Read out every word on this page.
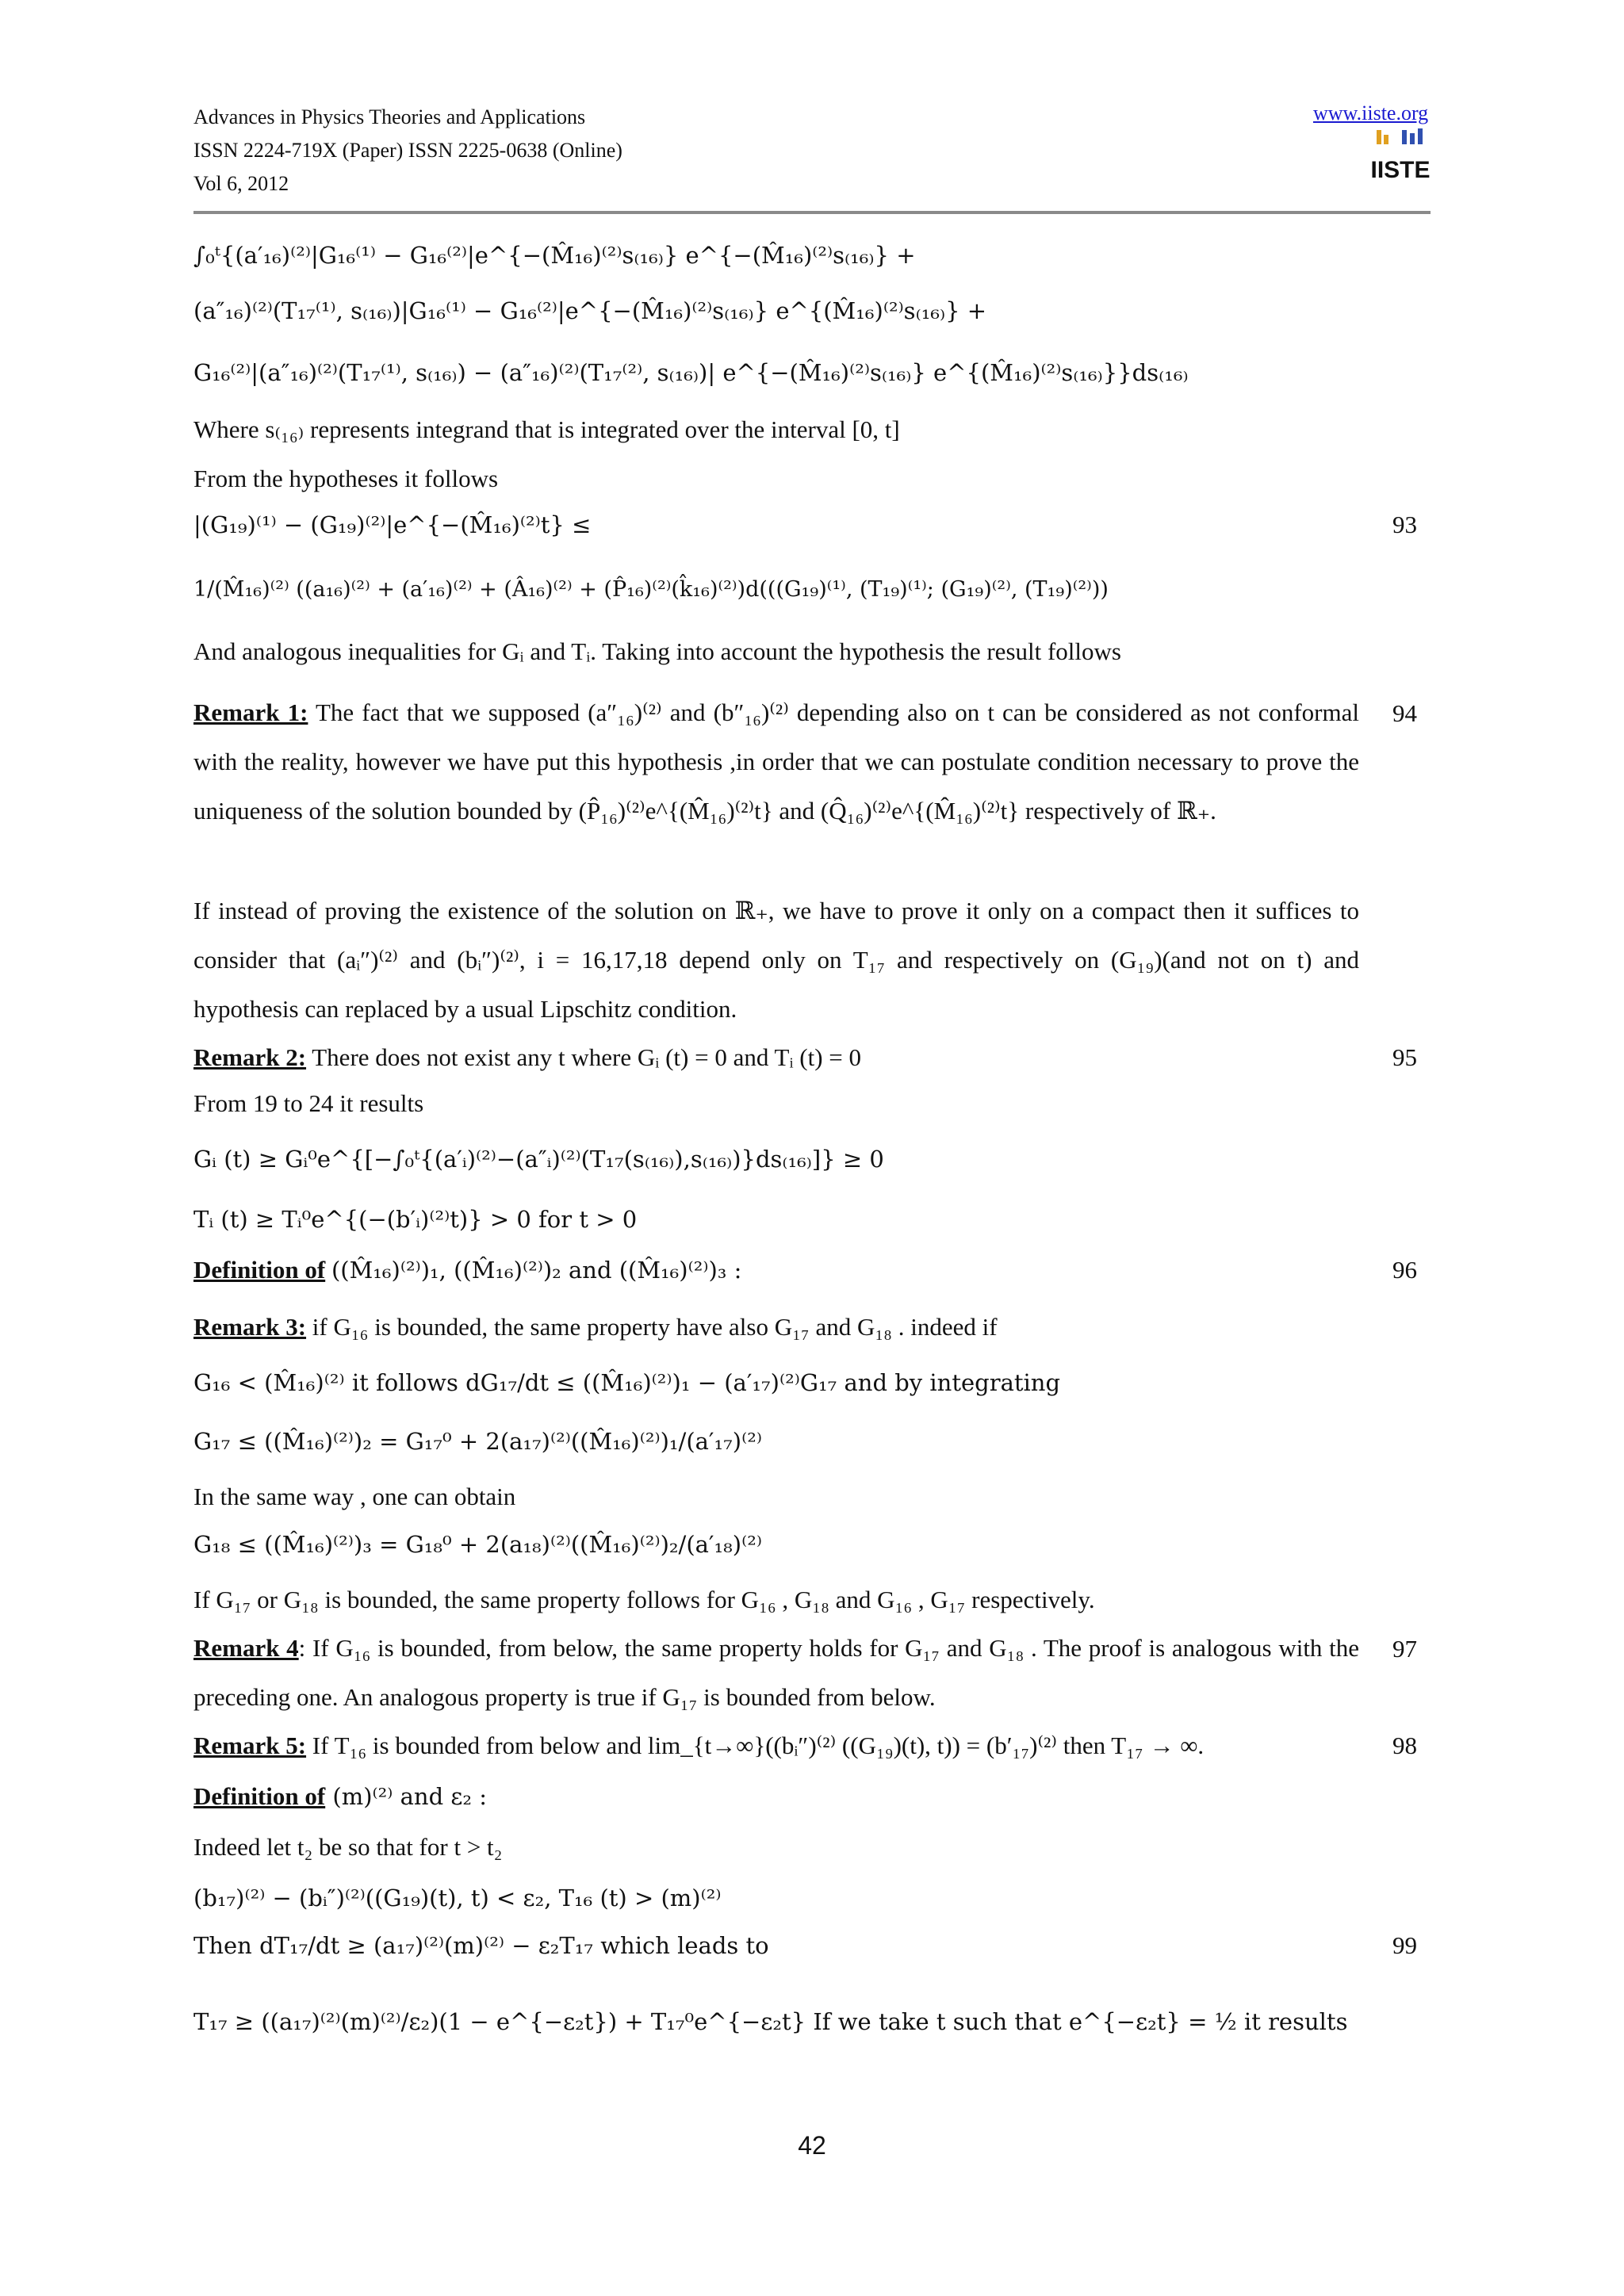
Advances in Physics Theories and Applications
ISSN 2224-719X (Paper) ISSN 2225-0638 (Online)
Vol 6, 2012
www.iiste.org
IISTE
∫₀ᵗ{(a′₁₆)⁽²⁾|G₁₆⁽¹⁾ − G₁₆⁽²⁾|e^{−(M̂₁₆)⁽²⁾s₍₁₆₎} e^{−(M̂₁₆)⁽²⁾s₍₁₆₎} +
(a″₁₆)⁽²⁾(T₁₇⁽¹⁾, s₍₁₆₎)|G₁₆⁽¹⁾ − G₁₆⁽²⁾|e^{−(M̂₁₆)⁽²⁾s₍₁₆₎} e^{(M̂₁₆)⁽²⁾s₍₁₆₎} +
G₁₆⁽²⁾|(a″₁₆)⁽²⁾(T₁₇⁽¹⁾, s₍₁₆₎) − (a″₁₆)⁽²⁾(T₁₇⁽²⁾, s₍₁₆₎)| e^{−(M̂₁₆)⁽²⁾s₍₁₆₎} e^{(M̂₁₆)⁽²⁾s₍₁₆₎}}ds₍₁₆₎
Where s₍₁₆₎ represents integrand that is integrated over the interval [0, t]
From the hypotheses it follows
|(G₁₉)⁽¹⁾ − (G₁₉)⁽²⁾|e^{−(M̂₁₆)⁽²⁾t} ≤	93
1/(M̂₁₆)⁽²⁾ ((a₁₆)⁽²⁾ + (a′₁₆)⁽²⁾ + (Â₁₆)⁽²⁾ + (P̂₁₆)⁽²⁾(k̂₁₆)⁽²⁾)d(((G₁₉)⁽¹⁾, (T₁₉)⁽¹⁾; (G₁₉)⁽²⁾, (T₁₉)⁽²⁾))
And analogous inequalities for Gᵢ and Tᵢ. Taking into account the hypothesis the result follows
Remark 1: The fact that we supposed (a″₁₆)⁽²⁾ and (b″₁₆)⁽²⁾ depending also on t can be considered as not conformal with the reality, however we have put this hypothesis ,in order that we can postulate condition necessary to prove the uniqueness of the solution bounded by (P̂₁₆)⁽²⁾e^{(M̂₁₆)⁽²⁾t} and (Q̂₁₆)⁽²⁾e^{(M̂₁₆)⁽²⁾t} respectively of ℝ₊.
94
If instead of proving the existence of the solution on ℝ₊, we have to prove it only on a compact then it suffices to consider that (aᵢ″)⁽²⁾ and (bᵢ″)⁽²⁾, i = 16,17,18 depend only on T₁₇ and respectively on (G₁₉)(and not on t) and hypothesis can replaced by a usual Lipschitz condition.
Remark 2: There does not exist any t where Gᵢ (t) = 0 and Tᵢ (t) = 0	95
From 19 to 24 it results
Gᵢ (t) ≥ Gᵢ⁰e^{[−∫₀ᵗ{(a′ᵢ)⁽²⁾−(a″ᵢ)⁽²⁾(T₁₇(s₍₁₆₎),s₍₁₆₎)}ds₍₁₆₎]} ≥ 0
Tᵢ (t) ≥ Tᵢ⁰e^{(−(b′ᵢ)⁽²⁾t)} > 0 for t > 0
Definition of ((M̂₁₆)⁽²⁾)₁, ((M̂₁₆)⁽²⁾)₂ and ((M̂₁₆)⁽²⁾)₃ :	96
Remark 3: if G₁₆ is bounded, the same property have also G₁₇ and G₁₈ . indeed if
G₁₆ < (M̂₁₆)⁽²⁾ it follows dG₁₇/dt ≤ ((M̂₁₆)⁽²⁾)₁ − (a′₁₇)⁽²⁾G₁₇ and by integrating
G₁₇ ≤ ((M̂₁₆)⁽²⁾)₂ = G₁₇⁰ + 2(a₁₇)⁽²⁾((M̂₁₆)⁽²⁾)₁/(a′₁₇)⁽²⁾
In the same way , one can obtain
G₁₈ ≤ ((M̂₁₆)⁽²⁾)₃ = G₁₈⁰ + 2(a₁₈)⁽²⁾((M̂₁₆)⁽²⁾)₂/(a′₁₈)⁽²⁾
If G₁₇ or G₁₈ is bounded, the same property follows for G₁₆ , G₁₈ and G₁₆ , G₁₇ respectively.
Remark 4: If G₁₆ is bounded, from below, the same property holds for G₁₇ and G₁₈ . The proof is analogous with the preceding one. An analogous property is true if G₁₇ is bounded from below.
97
Remark 5: If T₁₆ is bounded from below and lim_{t→∞}((bᵢ″)⁽²⁾ ((G₁₉)(t), t)) = (b′₁₇)⁽²⁾ then T₁₇ → ∞.	98
Definition of (m)⁽²⁾ and ε₂ :
Indeed let t₂ be so that for t > t₂
(b₁₇)⁽²⁾ − (bᵢ″)⁽²⁾((G₁₉)(t), t) < ε₂, T₁₆ (t) > (m)⁽²⁾
Then dT₁₇/dt ≥ (a₁₇)⁽²⁾(m)⁽²⁾ − ε₂T₁₇ which leads to	99
T₁₇ ≥ ((a₁₇)⁽²⁾(m)⁽²⁾/ε₂)(1 − e^{−ε₂t}) + T₁₇⁰e^{−ε₂t} If we take t such that e^{−ε₂t} = ½ it results
42
